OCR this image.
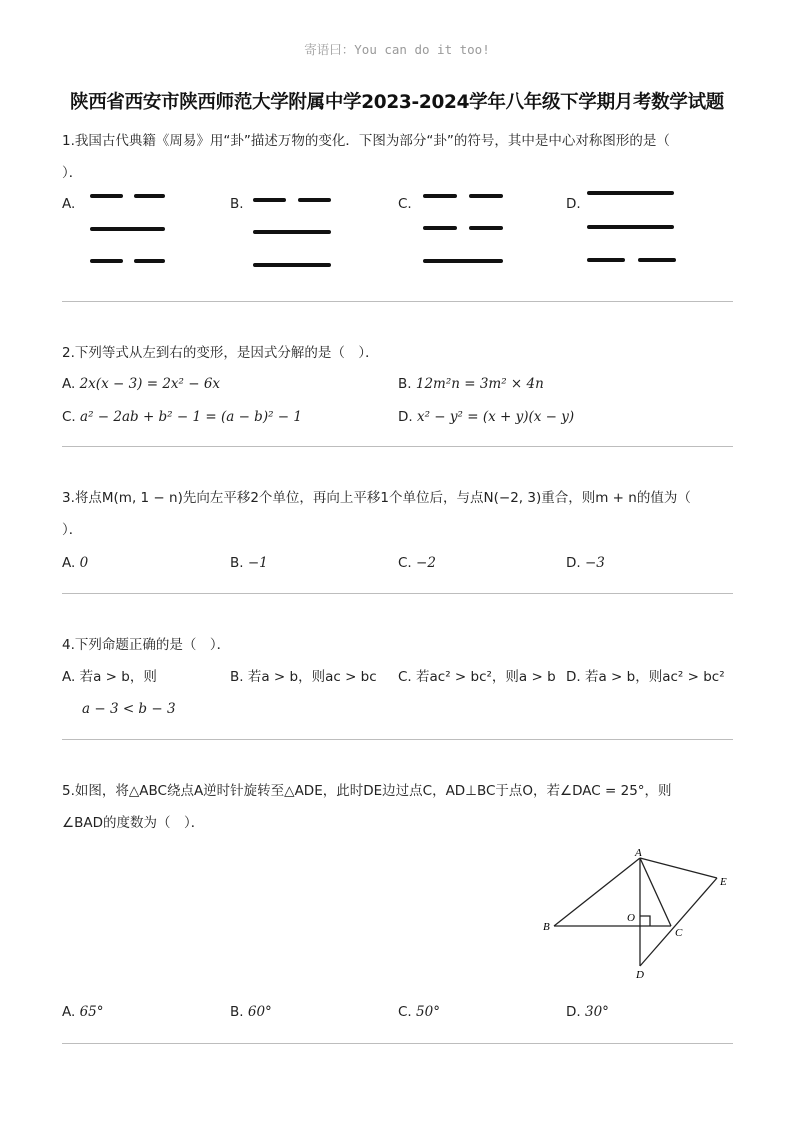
寄语曰：You can do it too!
陕西省西安市陕西师范大学附属中学2023-2024学年八年级下学期月考数学试题
1.我国古代典籍《周易》用“卦”描述万物的变化．下图为部分“卦”的符号，其中是中心对称图形的是（
）．
A.	B.	C.	D.
2.下列等式从左到右的变形，是因式分解的是（　）．
A. 2x(x − 3) = 2x² − 6x	B. 12m²n = 3m² × 4n
C. a² − 2ab + b² − 1 = (a − b)² − 1	D. x² − y² = (x + y)(x − y)
3.将点M(m, 1 − n)先向左平移2个单位，再向上平移1个单位后，与点N(−2, 3)重合，则m + n的值为（
）．
A. 0	B. −1	C. −2	D. −3
4.下列命题正确的是（　）．
A. 若a > b，则
a − 3 < b − 3
B. 若a > b，则ac > bc C. 若ac² > bc²，则a > b D. 若a > b，则ac² > bc²
5.如图，将△ABC绕点A逆时针旋转至△ADE，此时DE边过点C，AD⊥BC于点O，若∠DAC = 25°，则
∠BAD的度数为（　）．
A
B	C
D
E
O
A. 65°	B. 60°	C. 50°	D. 30°
